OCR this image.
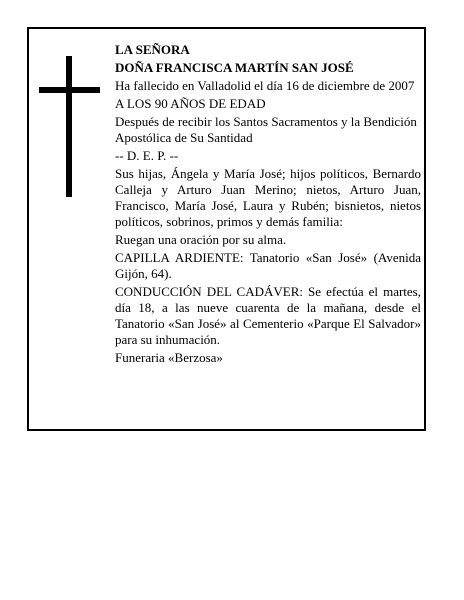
LA SEÑORA

DOÑA FRANCISCA MARTÍN SAN JOSÉ

Ha fallecido en Valladolid el día 16 de diciembre de 2007

A LOS 90 AÑOS DE EDAD

Después de recibir los Santos Sacramentos y la Bendición Apostólica de Su Santidad

-- D. E. P. --

Sus hijas, Ángela y María José; hijos políticos, Bernardo Calleja y Arturo Juan Merino; nietos, Arturo Juan, Francisco, María José, Laura y Rubén; bisnietos, nietos políticos, sobrinos, primos y demás familia:

Ruegan una oración por su alma.

CAPILLA ARDIENTE: Tanatorio «San José» (Avenida Gijón, 64).

CONDUCCIÓN DEL CADÁVER: Se efectúa el martes, día 18, a las nueve cuarenta de la mañana, desde el Tanatorio «San José» al Cementerio «Parque El Salvador» para su inhumación.

Funeraria «Berzosa»
